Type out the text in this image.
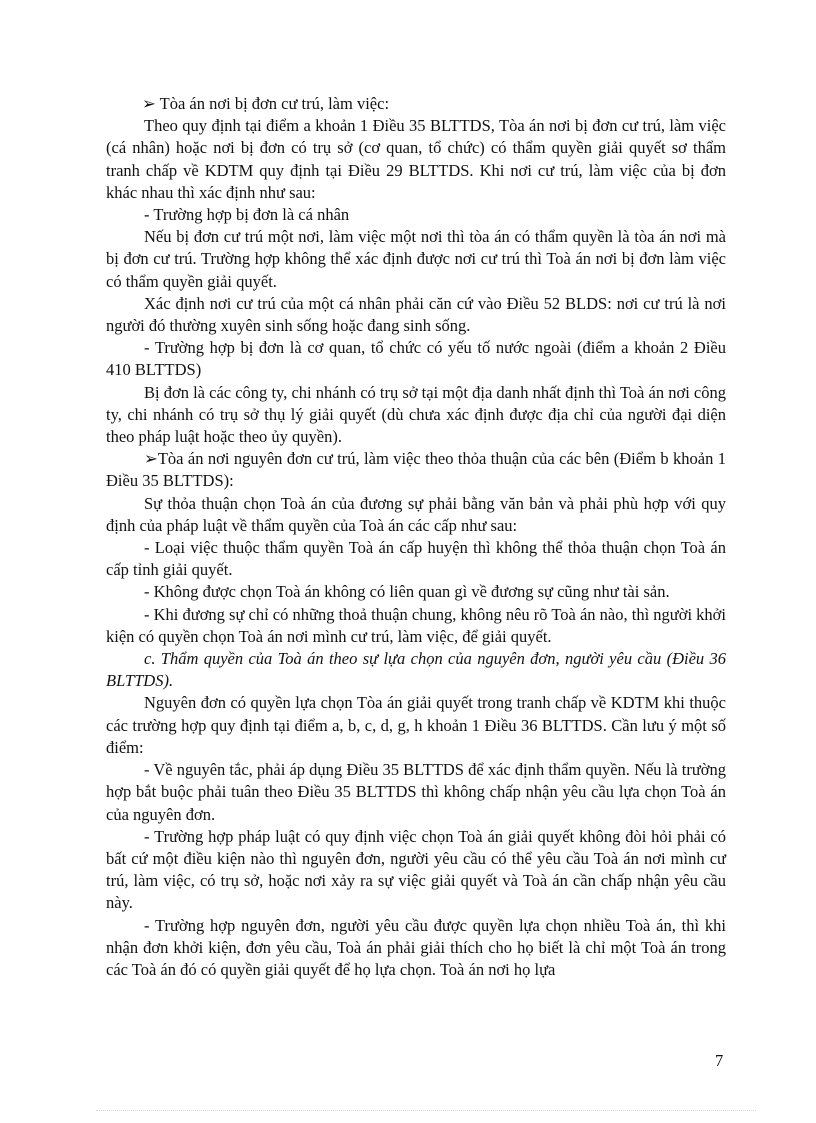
➢ Tòa án nơi bị đơn cư trú, làm việc:

Theo quy định tại điểm a khoản 1 Điều 35 BLTTDS, Tòa án nơi bị đơn cư trú, làm việc (cá nhân) hoặc nơi bị đơn có trụ sở (cơ quan, tổ chức) có thẩm quyền giải quyết sơ thẩm tranh chấp về KDTM quy định tại Điều 29 BLTTDS. Khi nơi cư trú, làm việc của bị đơn khác nhau thì xác định như sau:

- Trường hợp bị đơn là cá nhân

Nếu bị đơn cư trú một nơi, làm việc một nơi thì tòa án có thẩm quyền là tòa án nơi mà bị đơn cư trú. Trường hợp không thể xác định được nơi cư trú thì Toà án nơi bị đơn làm việc có thẩm quyền giải quyết.

Xác định nơi cư trú của một cá nhân phải căn cứ vào Điều 52 BLDS: nơi cư trú là nơi người đó thường xuyên sinh sống hoặc đang sinh sống.

- Trường hợp bị đơn là cơ quan, tổ chức có yếu tố nước ngoài (điểm a khoản 2 Điều 410 BLTTDS)

Bị đơn là các công ty, chi nhánh có trụ sở tại một địa danh nhất định thì Toà án nơi công ty, chi nhánh có trụ sở thụ lý giải quyết (dù chưa xác định được địa chỉ của người đại diện theo pháp luật hoặc theo ủy quyền).

➢Tòa án nơi nguyên đơn cư trú, làm việc theo thỏa thuận của các bên (Điểm b khoản 1 Điều 35 BLTTDS):

Sự thỏa thuận chọn Toà án của đương sự phải bằng văn bản và phải phù hợp với quy định của pháp luật về thẩm quyền của Toà án các cấp như sau:

- Loại việc thuộc thẩm quyền Toà án cấp huyện thì không thể thỏa thuận chọn Toà án cấp tỉnh giải quyết.

- Không được chọn Toà án không có liên quan gì về đương sự cũng như tài sản.

- Khi đương sự chỉ có những thoả thuận chung, không nêu rõ Toà án nào, thì người khởi kiện có quyền chọn Toà án nơi mình cư trú, làm việc, để giải quyết.

c. Thẩm quyền của Toà án theo sự lựa chọn của nguyên đơn, người yêu cầu (Điều 36 BLTTDS).

Nguyên đơn có quyền lựa chọn Tòa án giải quyết trong tranh chấp về KDTM khi thuộc các trường hợp quy định tại điểm a, b, c, d, g, h khoản 1 Điều 36 BLTTDS. Cần lưu ý một số điểm:

- Về nguyên tắc, phải áp dụng Điều 35 BLTTDS để xác định thẩm quyền. Nếu là trường hợp bắt buộc phải tuân theo Điều 35 BLTTDS thì không chấp nhận yêu cầu lựa chọn Toà án của nguyên đơn.

- Trường hợp pháp luật có quy định việc chọn Toà án giải quyết không đòi hỏi phải có bất cứ một điều kiện nào thì nguyên đơn, người yêu cầu có thể yêu cầu Toà án nơi mình cư trú, làm việc, có trụ sở, hoặc nơi xảy ra sự việc giải quyết và Toà án cần chấp nhận yêu cầu này.

- Trường hợp nguyên đơn, người yêu cầu được quyền lựa chọn nhiều Toà án, thì khi nhận đơn khởi kiện, đơn yêu cầu, Toà án phải giải thích cho họ biết là chỉ một Toà án trong các Toà án đó có quyền giải quyết để họ lựa chọn. Toà án nơi họ lựa

7
